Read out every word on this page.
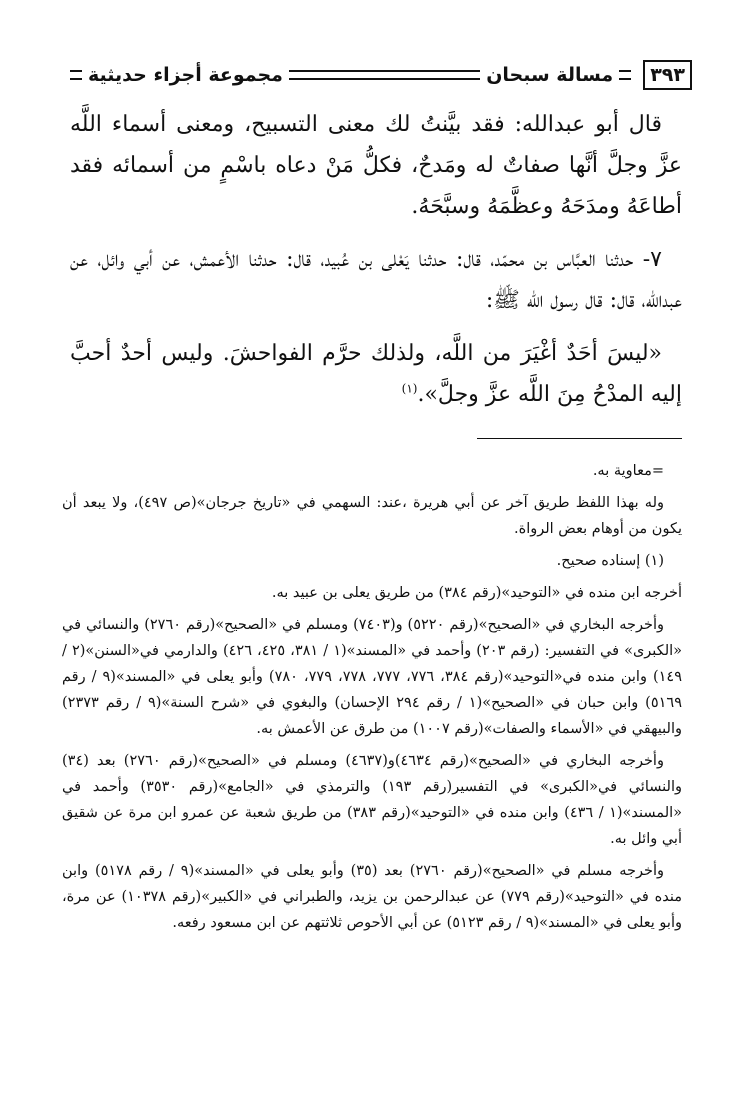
٣٩٣
مسالة سبحان
مجموعة أجزاء حديثية

قال أبو عبدالله: فقد بيَّنتُ لك معنى التسبيح، ومعنى أسماء اللَّه عزَّ وجلَّ أنَّها صفاتٌ له ومَدحٌ، فكلُّ مَنْ دعاه باسْمٍ من أسمائه فقد أطاعَهُ ومدَحَهُ وعظَّمَهُ وسبَّحَهُ.

٧- حدثنا العبَّاس بن محمّد، قال: حدثنا يَعْلى بن عُبيد، قال: حدثنا الأعمش، عن أبي وائل، عن عبدالله، قال: قال رسول الله ﷺ:

«ليسَ أحَدٌ أغْيَرَ من اللَّه، ولذلك حرَّم الفواحشَ. وليس أحدٌ أحبَّ إليه المدْحُ مِنَ اللَّه عزَّ وجلَّ».$^{(١)}$

=معاوية به.

وله بهذا اللفظ طريق آخر عن أبي هريرة ،عند: السهمي في «تاريخ جرجان»(ص ٤٩٧)، ولا يبعد أن يكون من أوهام بعض الرواة.

(١) إسناده صحيح.

أخرجه ابن منده في «التوحيد»(رقم ٣٨٤) من طريق يعلى بن عبيد به.

وأخرجه البخاري في «الصحيح»(رقم ٥٢٢٠) و(٧٤٠٣) ومسلم في «الصحيح»(رقم ٢٧٦٠) والنسائي في «الكبرى» في التفسير: (رقم ٢٠٣) وأحمد في «المسند»(١ / ٣٨١، ٤٢٥، ٤٢٦) والدارمي في«السنن»(٢ / ١٤٩) وابن منده في«التوحيد»(رقم ٣٨٤، ٧٧٦، ٧٧٧، ٧٧٨، ٧٧٩، ٧٨٠) وأبو يعلى في «المسند»(٩ / رقم ٥١٦٩) وابن حبان في «الصحيح»(١ / رقم ٢٩٤ الإحسان) والبغوي في «شرح السنة»(٩ / رقم ٢٣٧٣) والبيهقي في «الأسماء والصفات»(رقم ١٠٠٧) من طرق عن الأعمش به.

وأخرجه البخاري في «الصحيح»(رقم ٤٦٣٤)و(٤٦٣٧) ومسلم في «الصحيح»(رقم ٢٧٦٠) بعد (٣٤) والنسائي في«الكبرى» في التفسير(رقم ١٩٣) والترمذي في «الجامع»(رقم ٣٥٣٠) وأحمد في «المسند»(١ / ٤٣٦) وابن منده في «التوحيد»(رقم ٣٨٣) من طريق شعبة عن عمرو ابن مرة عن شقيق أبي وائل به.

وأخرجه مسلم في «الصحيح»(رقم ٢٧٦٠) بعد (٣٥) وأبو يعلى في «المسند»(٩ / رقم ٥١٧٨) وابن منده في «التوحيد»(رقم ٧٧٩) عن عبدالرحمن بن يزيد، والطبراني في «الكبير»(رقم ١٠٣٧٨) عن مرة، وأبو يعلى في «المسند»(٩ / رقم ٥١٢٣) عن أبي الأحوص ثلاثتهم عن ابن مسعود رفعه.
